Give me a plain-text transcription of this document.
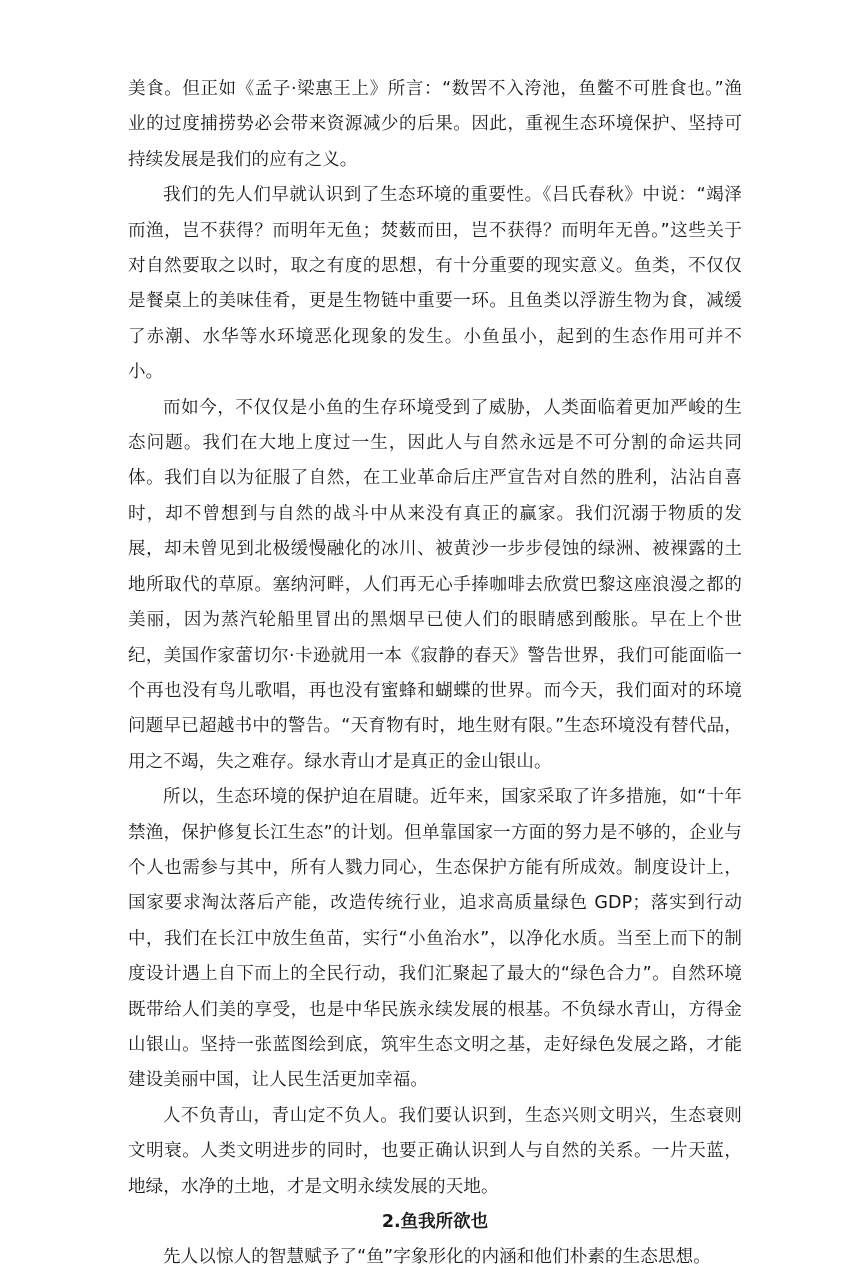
美食。但正如《孟子·梁惠王上》所言：“数罟不入洿池，鱼鳖不可胜食也。”渔业的过度捕捞势必会带来资源减少的后果。因此，重视生态环境保护、坚持可持续发展是我们的应有之义。

我们的先人们早就认识到了生态环境的重要性。《吕氏春秋》中说：“竭泽而渔，岂不获得？而明年无鱼；焚薮而田，岂不获得？而明年无兽。”这些关于对自然要取之以时，取之有度的思想，有十分重要的现实意义。鱼类，不仅仅是餐桌上的美味佳肴，更是生物链中重要一环。且鱼类以浮游生物为食，减缓了赤潮、水华等水环境恶化现象的发生。小鱼虽小，起到的生态作用可并不小。

而如今，不仅仅是小鱼的生存环境受到了威胁，人类面临着更加严峻的生态问题。我们在大地上度过一生，因此人与自然永远是不可分割的命运共同体。我们自以为征服了自然，在工业革命后庄严宣告对自然的胜利，沾沾自喜时，却不曾想到与自然的战斗中从来没有真正的赢家。我们沉溺于物质的发展，却未曾见到北极缓慢融化的冰川、被黄沙一步步侵蚀的绿洲、被裸露的土地所取代的草原。塞纳河畔，人们再无心手捧咖啡去欣赏巴黎这座浪漫之都的美丽，因为蒸汽轮船里冒出的黑烟早已使人们的眼睛感到酸胀。早在上个世纪，美国作家蕾切尔·卡逊就用一本《寂静的春天》警告世界，我们可能面临一个再也没有鸟儿歌唱，再也没有蜜蜂和蝴蝶的世界。而今天，我们面对的环境问题早已超越书中的警告。“天育物有时，地生财有限。”生态环境没有替代品，用之不竭，失之难存。绿水青山才是真正的金山银山。

所以，生态环境的保护迫在眉睫。近年来，国家采取了许多措施，如“十年禁渔，保护修复长江生态”的计划。但单靠国家一方面的努力是不够的，企业与个人也需参与其中，所有人戮力同心，生态保护方能有所成效。制度设计上，国家要求淘汰落后产能，改造传统行业，追求高质量绿色 GDP；落实到行动中，我们在长江中放生鱼苗，实行“小鱼治水”，以净化水质。当至上而下的制度设计遇上自下而上的全民行动，我们汇聚起了最大的“绿色合力”。自然环境既带给人们美的享受，也是中华民族永续发展的根基。不负绿水青山，方得金山银山。坚持一张蓝图绘到底，筑牢生态文明之基，走好绿色发展之路，才能建设美丽中国，让人民生活更加幸福。

人不负青山，青山定不负人。我们要认识到，生态兴则文明兴，生态衰则文明衰。人类文明进步的同时，也要正确认识到人与自然的关系。一片天蓝，地绿，水净的土地，才是文明永续发展的天地。

2.鱼我所欲也

先人以惊人的智慧赋予了“鱼”字象形化的内涵和他们朴素的生态思想。
